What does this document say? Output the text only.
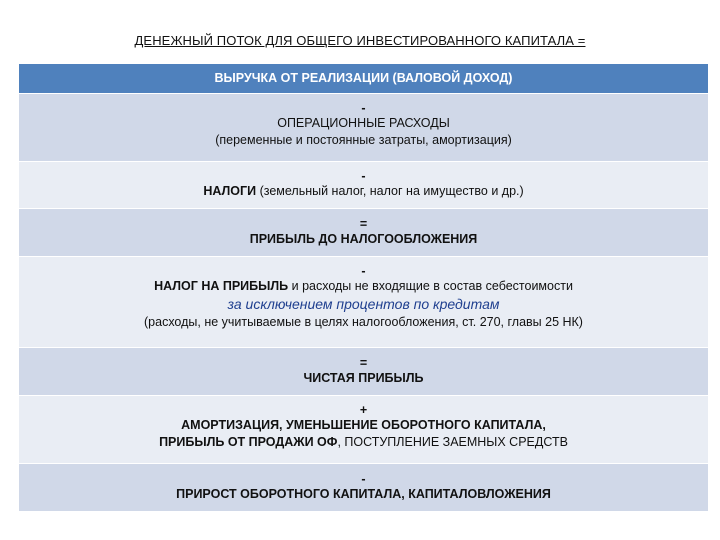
ДЕНЕЖНЫЙ ПОТОК ДЛЯ ОБЩЕГО ИНВЕСТИРОВАННОГО КАПИТАЛА =
ВЫРУЧКА ОТ РЕАЛИЗАЦИИ (ВАЛОВОЙ ДОХОД)
-
ОПЕРАЦИОННЫЕ РАСХОДЫ
(переменные и постоянные затраты, амортизация)
-
НАЛОГИ (земельный налог, налог на имущество и др.)
=
ПРИБЫЛЬ ДО НАЛОГООБЛОЖЕНИЯ
-
НАЛОГ НА ПРИБЫЛЬ и расходы не входящие в состав себестоимости
за исключением процентов по кредитам
(расходы, не учитываемые в целях налогообложения, ст. 270, главы 25 НК)
=
ЧИСТАЯ ПРИБЫЛЬ
+
АМОРТИЗАЦИЯ, УМЕНЬШЕНИЕ ОБОРОТНОГО КАПИТАЛА,
ПРИБЫЛЬ ОТ ПРОДАЖИ ОФ, ПОСТУПЛЕНИЕ ЗАЕМНЫХ СРЕДСТВ
-
ПРИРОСТ ОБОРОТНОГО КАПИТАЛА, КАПИТАЛОВЛОЖЕНИЯ
